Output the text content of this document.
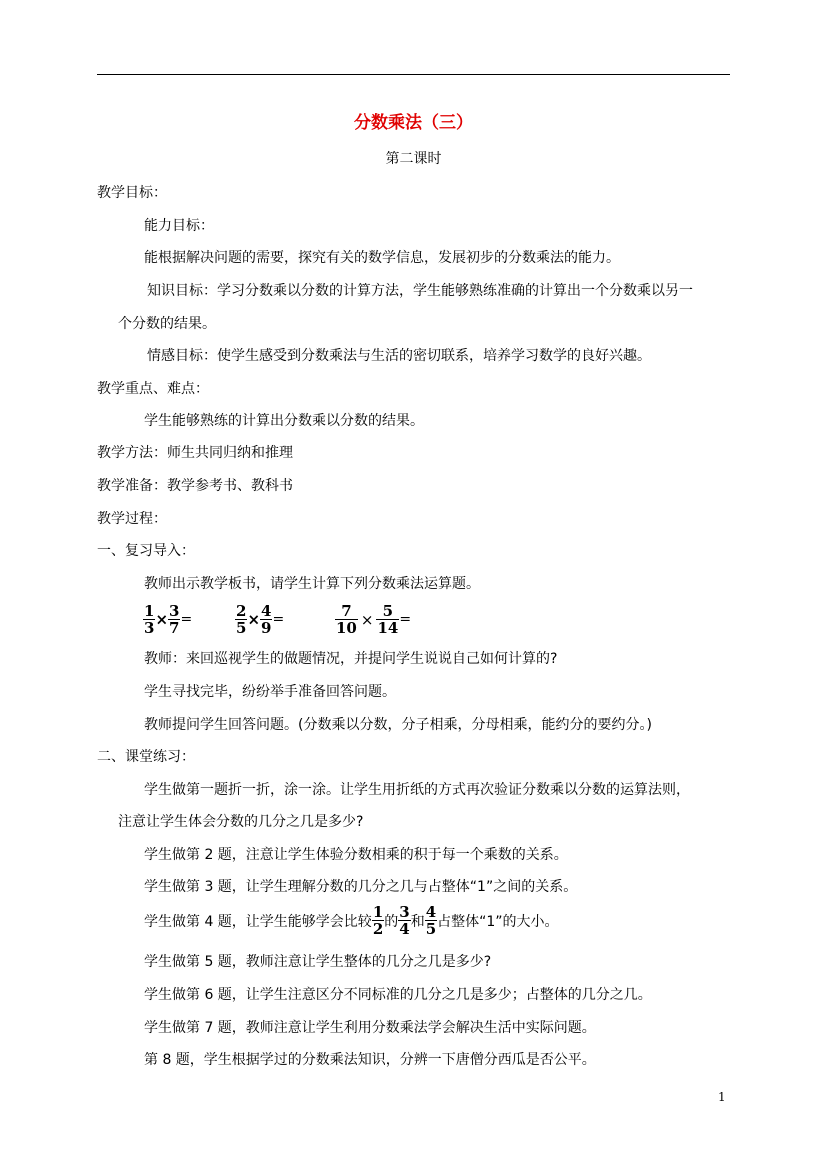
分数乘法（三）
第二课时
教学目标：
能力目标：
能根据解决问题的需要，探究有关的数学信息，发展初步的分数乘法的能力。
知识目标：学习分数乘以分数的计算方法，学生能够熟练准确的计算出一个分数乘以另一
个分数的结果。
情感目标：使学生感受到分数乘法与生活的密切联系，培养学习数学的良好兴趣。
教学重点、难点：
学生能够熟练的计算出分数乘以分数的结果。
教学方法：师生共同归纳和推理
教学准备：教学参考书、教科书
教学过程：
一、复习导入：
教师出示教学板书，请学生计算下列分数乘法运算题。
$\frac{1}{3} \times \frac{3}{7}$ =	$\frac{2}{5} \times \frac{4}{9}$ =	$\frac{7}{10} \times \frac{5}{14}$ =
教师：来回巡视学生的做题情况，并提问学生说说自己如何计算的?
学生寻找完毕，纷纷举手准备回答问题。
教师提问学生回答问题。(分数乘以分数，分子相乘，分母相乘，能约分的要约分。)
二、课堂练习：
学生做第一题折一折，涂一涂。让学生用折纸的方式再次验证分数乘以分数的运算法则，
注意让学生体会分数的几分之几是多少?
学生做第 2 题，注意让学生体验分数相乘的积于每一个乘数的关系。
学生做第 3 题，让学生理解分数的几分之几与占整体“1”之间的关系。
学生做第 4 题，让学生能够学会比较 $\frac{1}{2}$ 的 $\frac{3}{4}$ 和 $\frac{4}{5}$ 占整体“1”的大小。
学生做第 5 题，教师注意让学生整体的几分之几是多少?
学生做第 6 题，让学生注意区分不同标准的几分之几是多少；占整体的几分之几。
学生做第 7 题，教师注意让学生利用分数乘法学会解决生活中实际问题。
第 8 题，学生根据学过的分数乘法知识，分辨一下唐僧分西瓜是否公平。
1
